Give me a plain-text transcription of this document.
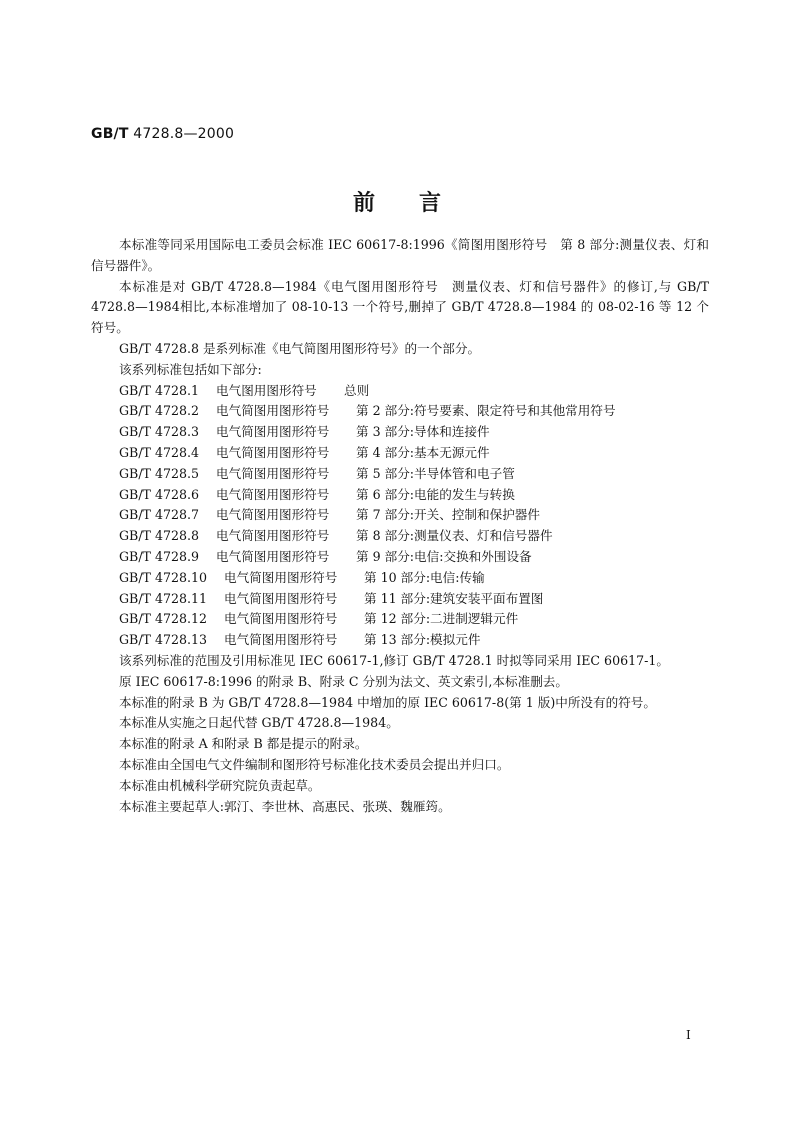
GB/T 4728.8—2000
前言

本标准等同采用国际电工委员会标准 IEC 60617-8:1996《简图用图形符号　第 8 部分:测量仪表、灯和信号器件》。

本标准是对 GB/T 4728.8—1984《电气图用图形符号　测量仪表、灯和信号器件》的修订,与 GB/T 4728.8—1984相比,本标准增加了 08-10-13 一个符号,删掉了 GB/T 4728.8—1984 的 08-02-16 等 12 个符号。

GB/T 4728.8 是系列标准《电气简图用图形符号》的一个部分。

该系列标准包括如下部分:

GB/T 4728.1 电气图用图形符号 总则
GB/T 4728.2 电气简图用图形符号 第 2 部分:符号要素、限定符号和其他常用符号
GB/T 4728.3 电气简图用图形符号 第 3 部分:导体和连接件
GB/T 4728.4 电气简图用图形符号 第 4 部分:基本无源元件
GB/T 4728.5 电气简图用图形符号 第 5 部分:半导体管和电子管
GB/T 4728.6 电气简图用图形符号 第 6 部分:电能的发生与转换
GB/T 4728.7 电气简图用图形符号 第 7 部分:开关、控制和保护器件
GB/T 4728.8 电气简图用图形符号 第 8 部分:测量仪表、灯和信号器件
GB/T 4728.9 电气简图用图形符号 第 9 部分:电信:交换和外围设备
GB/T 4728.10 电气简图用图形符号 第 10 部分:电信:传输
GB/T 4728.11 电气简图用图形符号 第 11 部分:建筑安装平面布置图
GB/T 4728.12 电气简图用图形符号 第 12 部分:二进制逻辑元件
GB/T 4728.13 电气简图用图形符号 第 13 部分:模拟元件

该系列标准的范围及引用标准见 IEC 60617-1,修订 GB/T 4728.1 时拟等同采用 IEC 60617-1。

原 IEC 60617-8:1996 的附录 B、附录 C 分别为法文、英文索引,本标准删去。

本标准的附录 B 为 GB/T 4728.8—1984 中增加的原 IEC 60617-8(第 1 版)中所没有的符号。

本标准从实施之日起代替 GB/T 4728.8—1984。

本标准的附录 A 和附录 B 都是提示的附录。

本标准由全国电气文件编制和图形符号标准化技术委员会提出并归口。

本标准由机械科学研究院负责起草。

本标准主要起草人:郭汀、李世林、高惠民、张瑛、魏雁筠。

I
